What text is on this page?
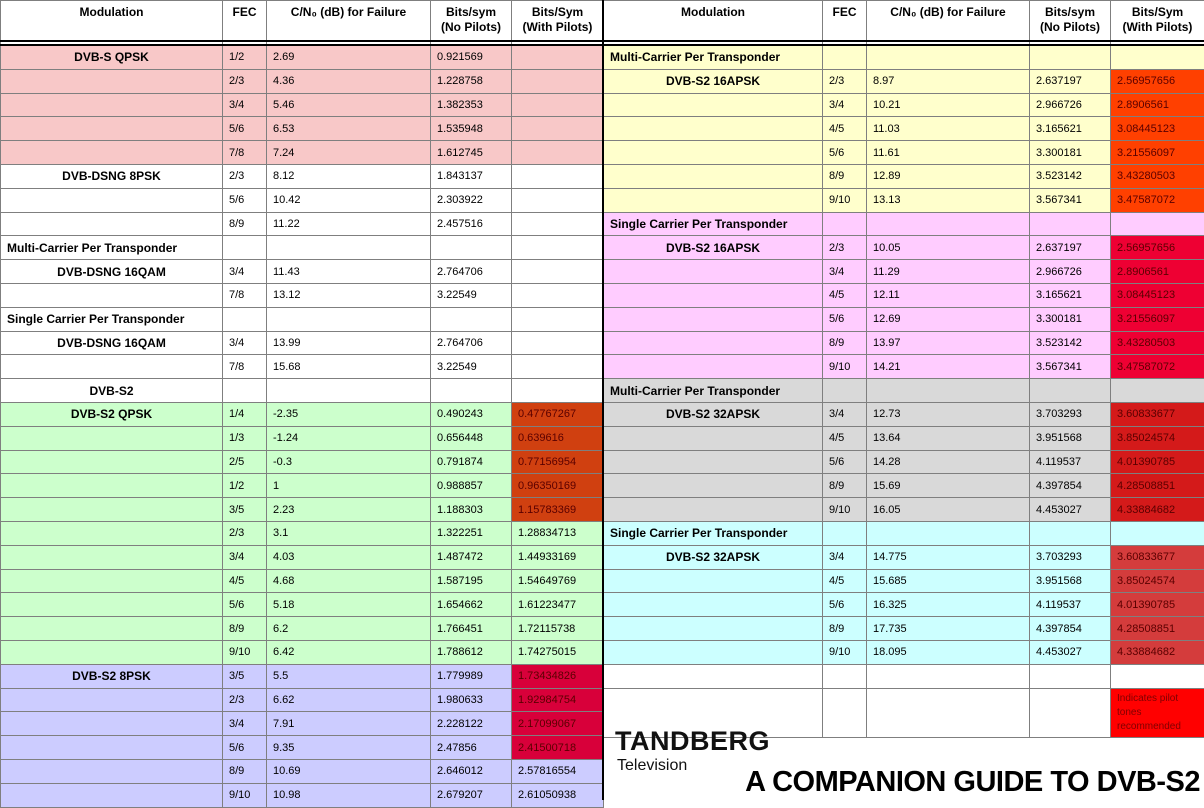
Modulation	FEC	C/N₀ (dB) for Failure	Bits/sym
(No Pilots)	Bits/Sym
(With Pilots)
DVB-S QPSK	1/2	2.69	0.921569	
	2/3	4.36	1.228758	
	3/4	5.46	1.382353	
	5/6	6.53	1.535948	
	7/8	7.24	1.612745	
DVB-DSNG 8PSK	2/3	8.12	1.843137	
	5/6	10.42	2.303922	
	8/9	11.22	2.457516	
Multi-Carrier Per Transponder				
DVB-DSNG 16QAM	3/4	11.43	2.764706	
	7/8	13.12	3.22549	
Single Carrier Per Transponder				
DVB-DSNG 16QAM	3/4	13.99	2.764706	
	7/8	15.68	3.22549	
DVB-S2				
DVB-S2 QPSK	1/4	-2.35	0.490243	0.47767267
	1/3	-1.24	0.656448	0.639616
	2/5	-0.3	0.791874	0.77156954
	1/2	1	0.988857	0.96350169
	3/5	2.23	1.188303	1.15783369
	2/3	3.1	1.322251	1.28834713
	3/4	4.03	1.487472	1.44933169
	4/5	4.68	1.587195	1.54649769
	5/6	5.18	1.654662	1.61223477
	8/9	6.2	1.766451	1.72115738
	9/10	6.42	1.788612	1.74275015
DVB-S2 8PSK	3/5	5.5	1.779989	1.73434826
	2/3	6.62	1.980633	1.92984754
	3/4	7.91	2.228122	2.17099067
	5/6	9.35	2.47856	2.41500718
	8/9	10.69	2.646012	2.57816554
	9/10	10.98	2.679207	2.61050938
Modulation	FEC	C/N₀ (dB) for Failure	Bits/sym
(No Pilots)	Bits/Sym
(With Pilots)
Multi-Carrier Per Transponder				
DVB-S2 16APSK	2/3	8.97	2.637197	2.56957656
	3/4	10.21	2.966726	2.8906561
	4/5	11.03	3.165621	3.08445123
	5/6	11.61	3.300181	3.21556097
	8/9	12.89	3.523142	3.43280503
	9/10	13.13	3.567341	3.47587072
Single Carrier Per Transponder				
DVB-S2 16APSK	2/3	10.05	2.637197	2.56957656
	3/4	11.29	2.966726	2.8906561
	4/5	12.11	3.165621	3.08445123
	5/6	12.69	3.300181	3.21556097
	8/9	13.97	3.523142	3.43280503
	9/10	14.21	3.567341	3.47587072
Multi-Carrier Per Transponder				
DVB-S2 32APSK	3/4	12.73	3.703293	3.60833677
	4/5	13.64	3.951568	3.85024574
	5/6	14.28	4.119537	4.01390785
	8/9	15.69	4.397854	4.28508851
	9/10	16.05	4.453027	4.33884682
Single Carrier Per Transponder				
DVB-S2 32APSK	3/4	14.775	3.703293	3.60833677
	4/5	15.685	3.951568	3.85024574
	5/6	16.325	4.119537	4.01390785
	8/9	17.735	4.397854	4.28508851
	9/10	18.095	4.453027	4.33884682

				Indicates pilot tones recommended
TANDBERG
Television
A COMPANION GUIDE TO DVB-S2
